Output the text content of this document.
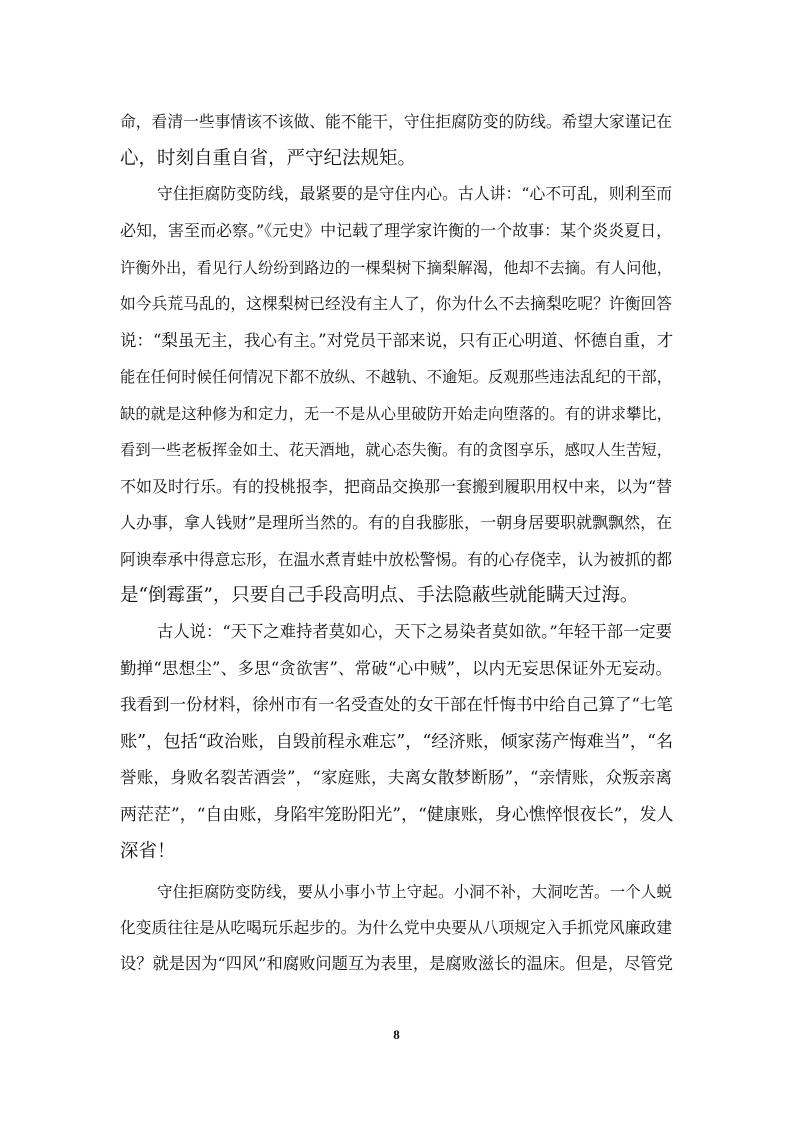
命，看清一些事情该不该做、能不能干，守住拒腐防变的防线。希望大家谨记在
心，时刻自重自省，严守纪法规矩。
守住拒腐防变防线，最紧要的是守住内心。古人讲：“心不可乱，则利至而
必知，害至而必察。”《元史》中记载了理学家许衡的一个故事：某个炎炎夏日，
许衡外出，看见行人纷纷到路边的一棵梨树下摘梨解渴，他却不去摘。有人问他，
如今兵荒马乱的，这棵梨树已经没有主人了，你为什么不去摘梨吃呢？许衡回答
说：“梨虽无主，我心有主。”对党员干部来说，只有正心明道、怀德自重，才
能在任何时候任何情况下都不放纵、不越轨、不逾矩。反观那些违法乱纪的干部，
缺的就是这种修为和定力，无一不是从心里破防开始走向堕落的。有的讲求攀比，
看到一些老板挥金如土、花天酒地，就心态失衡。有的贪图享乐，感叹人生苦短，
不如及时行乐。有的投桃报李，把商品交换那一套搬到履职用权中来，以为“替
人办事，拿人钱财”是理所当然的。有的自我膨胀，一朝身居要职就飘飘然，在
阿谀奉承中得意忘形，在温水煮青蛙中放松警惕。有的心存侥幸，认为被抓的都
是“倒霉蛋”，只要自己手段高明点、手法隐蔽些就能瞒天过海。
古人说：“天下之难持者莫如心，天下之易染者莫如欲。”年轻干部一定要
勤掸“思想尘”、多思“贪欲害”、常破“心中贼”，以内无妄思保证外无妄动。
我看到一份材料，徐州市有一名受查处的女干部在忏悔书中给自己算了“七笔
账”，包括“政治账，自毁前程永难忘”，“经济账，倾家荡产悔难当”，“名
誉账，身败名裂苦酒尝”，“家庭账，夫离女散梦断肠”，“亲情账，众叛亲离
两茫茫”，“自由账，身陷牢笼盼阳光”，“健康账，身心憔悴恨夜长”，发人
深省！
守住拒腐防变防线，要从小事小节上守起。小洞不补，大洞吃苦。一个人蜕
化变质往往是从吃喝玩乐起步的。为什么党中央要从八项规定入手抓党风廉政建
设？就是因为“四风”和腐败问题互为表里，是腐败滋长的温床。但是，尽管党
8
